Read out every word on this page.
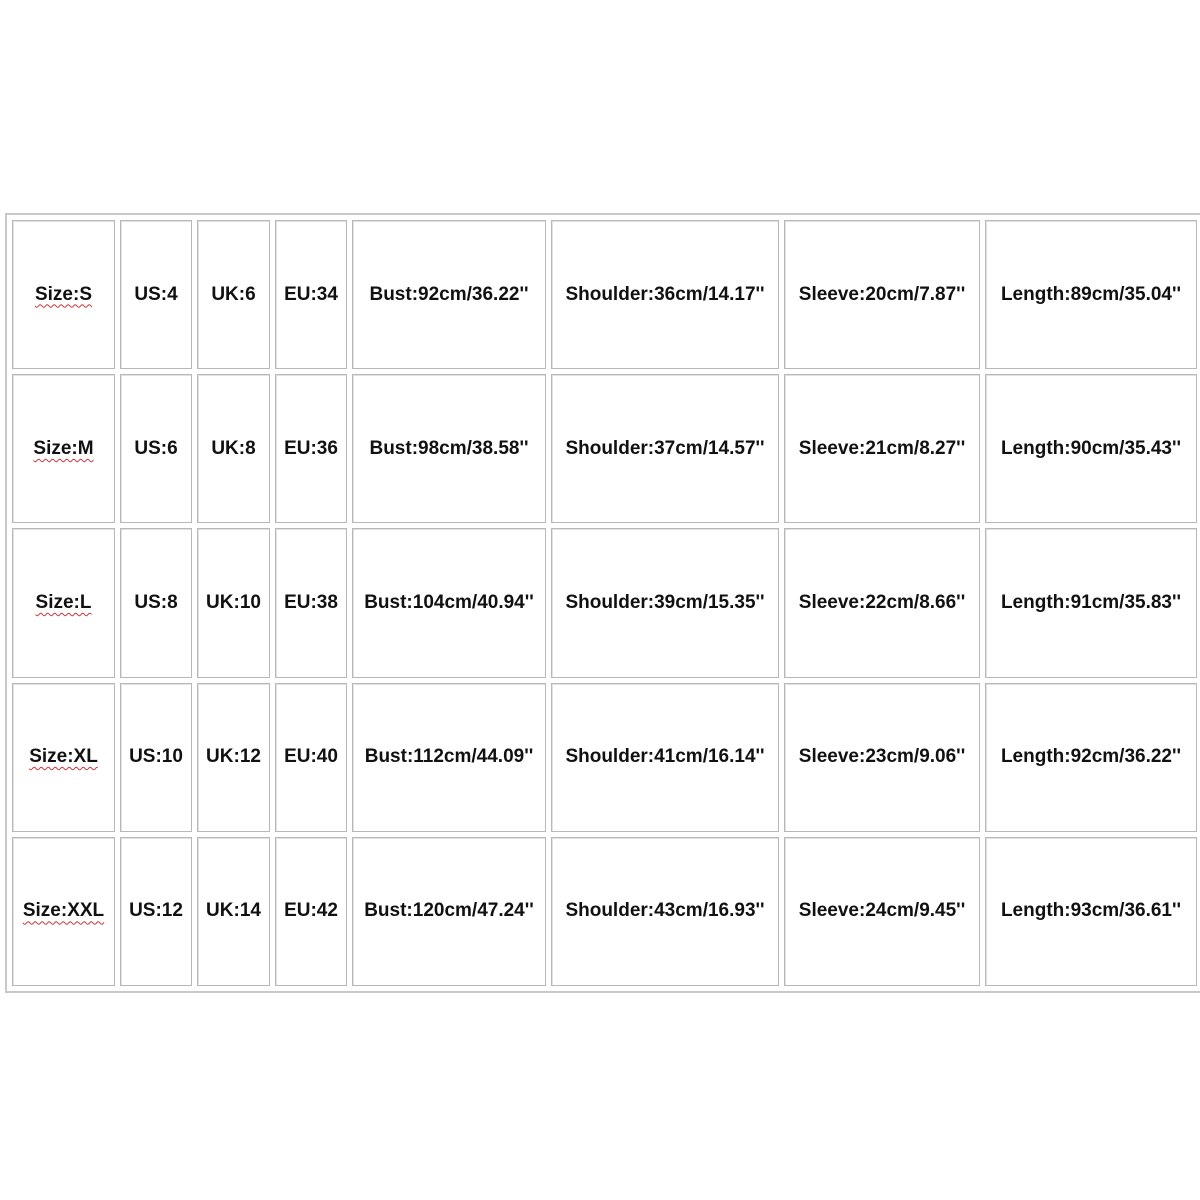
Size:S	US:4	UK:6	EU:34	Bust:92cm/36.22''	Shoulder:36cm/14.17''	Sleeve:20cm/7.87''	Length:89cm/35.04''
Size:M	US:6	UK:8	EU:36	Bust:98cm/38.58''	Shoulder:37cm/14.57''	Sleeve:21cm/8.27''	Length:90cm/35.43''
Size:L	US:8	UK:10	EU:38	Bust:104cm/40.94''	Shoulder:39cm/15.35''	Sleeve:22cm/8.66''	Length:91cm/35.83''
Size:XL	US:10	UK:12	EU:40	Bust:112cm/44.09''	Shoulder:41cm/16.14''	Sleeve:23cm/9.06''	Length:92cm/36.22''
Size:XXL	US:12	UK:14	EU:42	Bust:120cm/47.24''	Shoulder:43cm/16.93''	Sleeve:24cm/9.45''	Length:93cm/36.61''
